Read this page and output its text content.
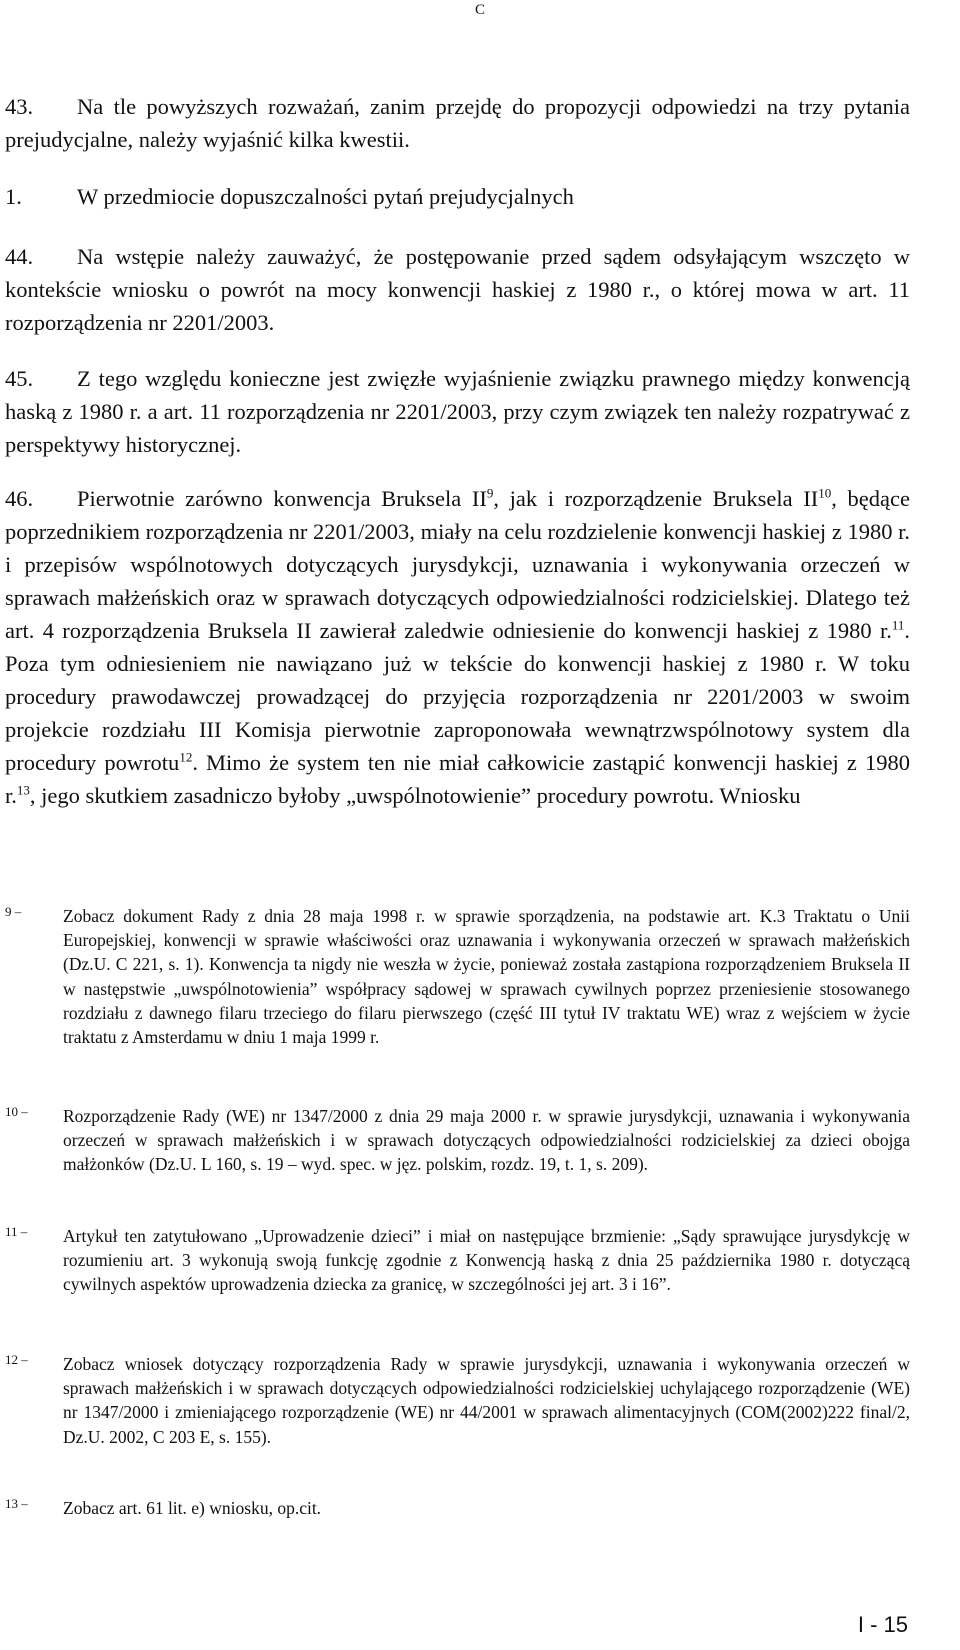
C

43. Na tle powyższych rozważań, zanim przejdę do propozycji odpowiedzi na trzy pytania prejudycjalne, należy wyjaśnić kilka kwestii.

1. W przedmiocie dopuszczalności pytań prejudycjalnych

44. Na wstępie należy zauważyć, że postępowanie przed sądem odsyłającym wszczęto w kontekście wniosku o powrót na mocy konwencji haskiej z 1980 r., o której mowa w art. 11 rozporządzenia nr 2201/2003.

45. Z tego względu konieczne jest zwięzłe wyjaśnienie związku prawnego między konwencją haską z 1980 r. a art. 11 rozporządzenia nr 2201/2003, przy czym związek ten należy rozpatrywać z perspektywy historycznej.

46. Pierwotnie zarówno konwencja Bruksela $II^9$, jak i rozporządzenie Bruksela II$^{10}$, będące poprzednikiem rozporządzenia nr 2201/2003, miały na celu rozdzielenie konwencji haskiej z 1980 r. i przepisów wspólnotowych dotyczących jurysdykcji, uznawania i wykonywania orzeczeń w sprawach małżeńskich oraz w sprawach dotyczących odpowiedzialności rodzicielskiej. Dlatego też art. 4 rozporządzenia Bruksela II zawierał zaledwie odniesienie do konwencji haskiej z 1980 r.$^{11}$. Poza tym odniesieniem nie nawiązano już w tekście do konwencji haskiej z 1980 r. W toku procedury prawodawczej prowadzącej do przyjęcia rozporządzenia nr 2201/2003 w swoim projekcie rozdziału III Komisja pierwotnie zaproponowała wewnątrzwspólnotowy system dla procedury powrotu$^{12}$. Mimo że system ten nie miał całkowicie zastąpić konwencji haskiej z 1980 r.$^{13}$, jego skutkiem zasadniczo byłoby „uwspólnotowienie” procedury powrotu. Wniosku

9 –	Zobacz dokument Rady z dnia 28 maja 1998 r. w sprawie sporządzenia, na podstawie art. K.3 Traktatu o Unii Europejskiej, konwencji w sprawie właściwości oraz uznawania i wykonywania orzeczeń w sprawach małżeńskich (Dz.U. C 221, s. 1). Konwencja ta nigdy nie weszła w życie, ponieważ została zastąpiona rozporządzeniem Bruksela II w następstwie „uwspólnotowienia” współpracy sądowej w sprawach cywilnych poprzez przeniesienie stosowanego rozdziału z dawnego filaru trzeciego do filaru pierwszego (część III tytuł IV traktatu WE) wraz z wejściem w życie traktatu z Amsterdamu w dniu 1 maja 1999 r.
10 –	Rozporządzenie Rady (WE) nr 1347/2000 z dnia 29 maja 2000 r. w sprawie jurysdykcji, uznawania i wykonywania orzeczeń w sprawach małżeńskich i w sprawach dotyczących odpowiedzialności rodzicielskiej za dzieci obojga małżonków (Dz.U. L 160, s. 19 – wyd. spec. w jęz. polskim, rozdz. 19, t. 1, s. 209).
11 –	Artykuł ten zatytułowano „Uprowadzenie dzieci” i miał on następujące brzmienie: „Sądy sprawujące jurysdykcję w rozumieniu art. 3 wykonują swoją funkcję zgodnie z Konwencją haską z dnia 25 października 1980 r. dotyczącą cywilnych aspektów uprowadzenia dziecka za granicę, w szczególności jej art. 3 i 16”.
12 –	Zobacz wniosek dotyczący rozporządzenia Rady w sprawie jurysdykcji, uznawania i wykonywania orzeczeń w sprawach małżeńskich i w sprawach dotyczących odpowiedzialności rodzicielskiej uchylającego rozporządzenie (WE) nr 1347/2000 i zmieniającego rozporządzenie (WE) nr 44/2001 w sprawach alimentacyjnych (COM(2002)222 final/2, Dz.U. 2002, C 203 E, s. 155).
13 –	Zobacz art. 61 lit. e) wniosku, op.cit.
I - 15
